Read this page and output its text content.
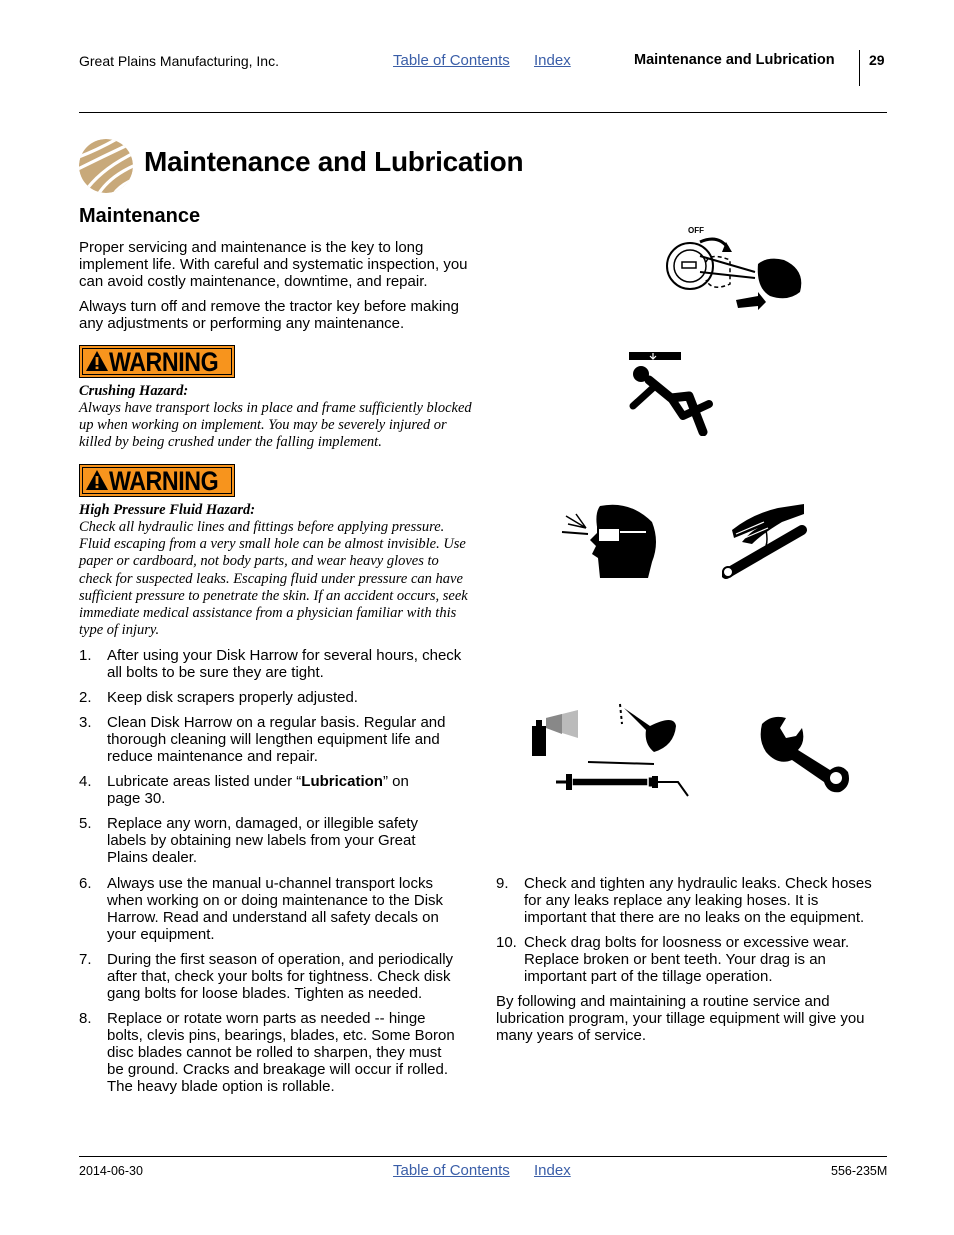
Great Plains Manufacturing, Inc.	Table of Contents Index	Maintenance and Lubrication 29
Maintenance and Lubrication
Maintenance
Proper servicing and maintenance is the key to long implement life. With careful and systematic inspection, you can avoid costly maintenance, downtime, and repair.
Always turn off and remove the tractor key before making any adjustments or performing any maintenance.
WARNING
Crushing Hazard:
Always have transport locks in place and frame sufficiently blocked up when working on implement. You may be severely injured or killed by being crushed under the falling implement.
WARNING
High Pressure Fluid Hazard:
Check all hydraulic lines and fittings before applying pressure. Fluid escaping from a very small hole can be almost invisible. Use paper or cardboard, not body parts, and wear heavy gloves to check for suspected leaks. Escaping fluid under pressure can have sufficient pressure to penetrate the skin. If an accident occurs, seek immediate medical assistance from a physician familiar with this type of injury.
1. After using your Disk Harrow for several hours, check
all bolts to be sure they are tight.
2. Keep disk scrapers properly adjusted.
3. Clean Disk Harrow on a regular basis. Regular and
thorough cleaning will lengthen equipment life and
reduce maintenance and repair.
4. Lubricate areas listed under “Lubrication” on
page 30.
5. Replace any worn, damaged, or illegible safety
labels by obtaining new labels from your Great
Plains dealer.
6. Always use the manual u-channel transport locks
when working on or doing maintenance to the Disk
Harrow. Read and understand all safety decals on
your equipment.
7. During the first season of operation, and periodically
after that, check your bolts for tightness. Check disk
gang bolts for loose blades. Tighten as needed.
8. Replace or rotate worn parts as needed -- hinge
bolts, clevis pins, bearings, blades, etc. Some Boron
disc blades cannot be rolled to sharpen, they must
be ground. Cracks and breakage will occur if rolled.
The heavy blade option is rollable.
9. Check and tighten any hydraulic leaks. Check hoses
for any leaks replace any leaking hoses. It is
important that there are no leaks on the equipment.
10. Check drag bolts for loosness or excessive wear.
Replace broken or bent teeth. Your drag is an
important part of the tillage operation.
By following and maintaining a routine service and lubrication program, your tillage equipment will give you many years of service.
OFF
2014-06-30	Table of Contents Index	556-235M
